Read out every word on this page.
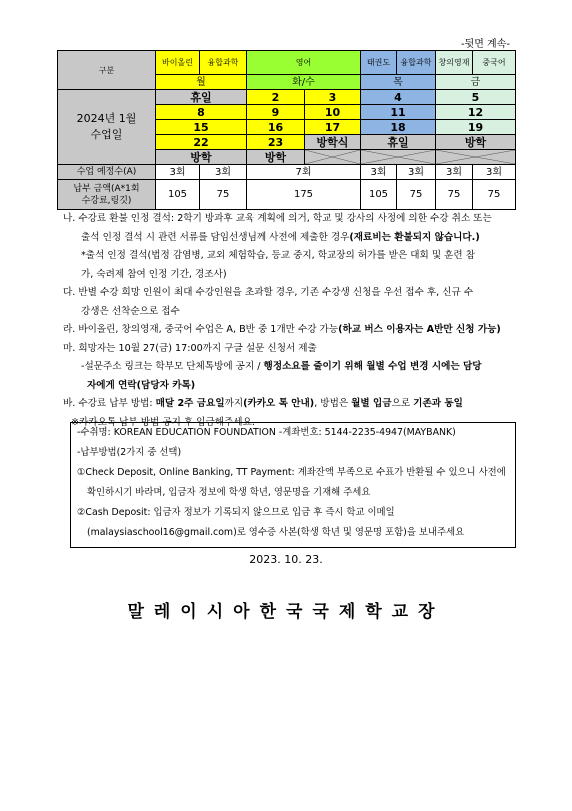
-뒷면 계속-
구분	바이올린	융합과학	영어		태권도	융합과학	창의영재	중국어
	월		화/수		목		금	

2024년 1월
수업일	휴일		2	3	4		5	
	8		9	10	11		12	
	15		16	17	18		19	
	22		23	방학식	휴일		방학	
	방학		방학	

수업 예정수(A)	3회	3회	7회		3회	3회	3회	3회

납부 금액(A*1회
수강료,링깃)	105	75	175		105	75	75	75

나. 수강료 환불 인정 결석: 2학기 방과후 교육 계획에 의거, 학교 및 강사의 사정에 의한 수강 취소 또는

출석 인정 결석 시 관련 서류를 담임선생님께 사전에 제출한 경우(재료비는 환불되지 않습니다.)

*출석 인정 결석(법정 감염병, 교외 체험학습, 등교 중지, 학교장의 허가를 받은 대회 및 훈련 참

가, 숙려제 참여 인정 기간, 경조사)

다. 반별 수강 희망 인원이 최대 수강인원을 초과할 경우, 기존 수강생 신청을 우선 접수 후, 신규 수

강생은 선착순으로 접수

라. 바이올린, 창의영재, 중국어 수업은 A, B반 중 1개만 수강 가능(하교 버스 이용자는 A반만 신청 가능)

마. 희망자는 10월 27(금) 17:00까지 구글 설문 신청서 제출

-설문주소 링크는 학부모 단체톡방에 공지 / 행정소요를 줄이기 위해 월별 수업 변경 시에는 담당

자에게 연락(담당자 카톡)

바. 수강료 납부 방법: 매달 2주 금요일까지(카카오 톡 안내), 방법은 월별 입금으로 기존과 동일

※카카오톡 납부 방법 공지 후 입금해주세요.

-수취명: KOREAN EDUCATION FOUNDATION -계좌번호: 5144-2235-4947(MAYBANK)

-납부방법(2가지 중 선택)

①Check Deposit, Online Banking, TT Payment: 계좌잔액 부족으로 수표가 반환될 수 있으니 사전에

확인하시기 바라며, 입금자 정보에 학생 학년, 영문명을 기재해 주세요

②Cash Deposit: 입금자 정보가 기록되지 않으므로 입금 후 즉시 학교 이메일

(malaysiaschool16@gmail.com)로 영수증 사본(학생 학년 및 영문명 포함)을 보내주세요

2023. 10. 23.
말레이시아한국국제학교장
